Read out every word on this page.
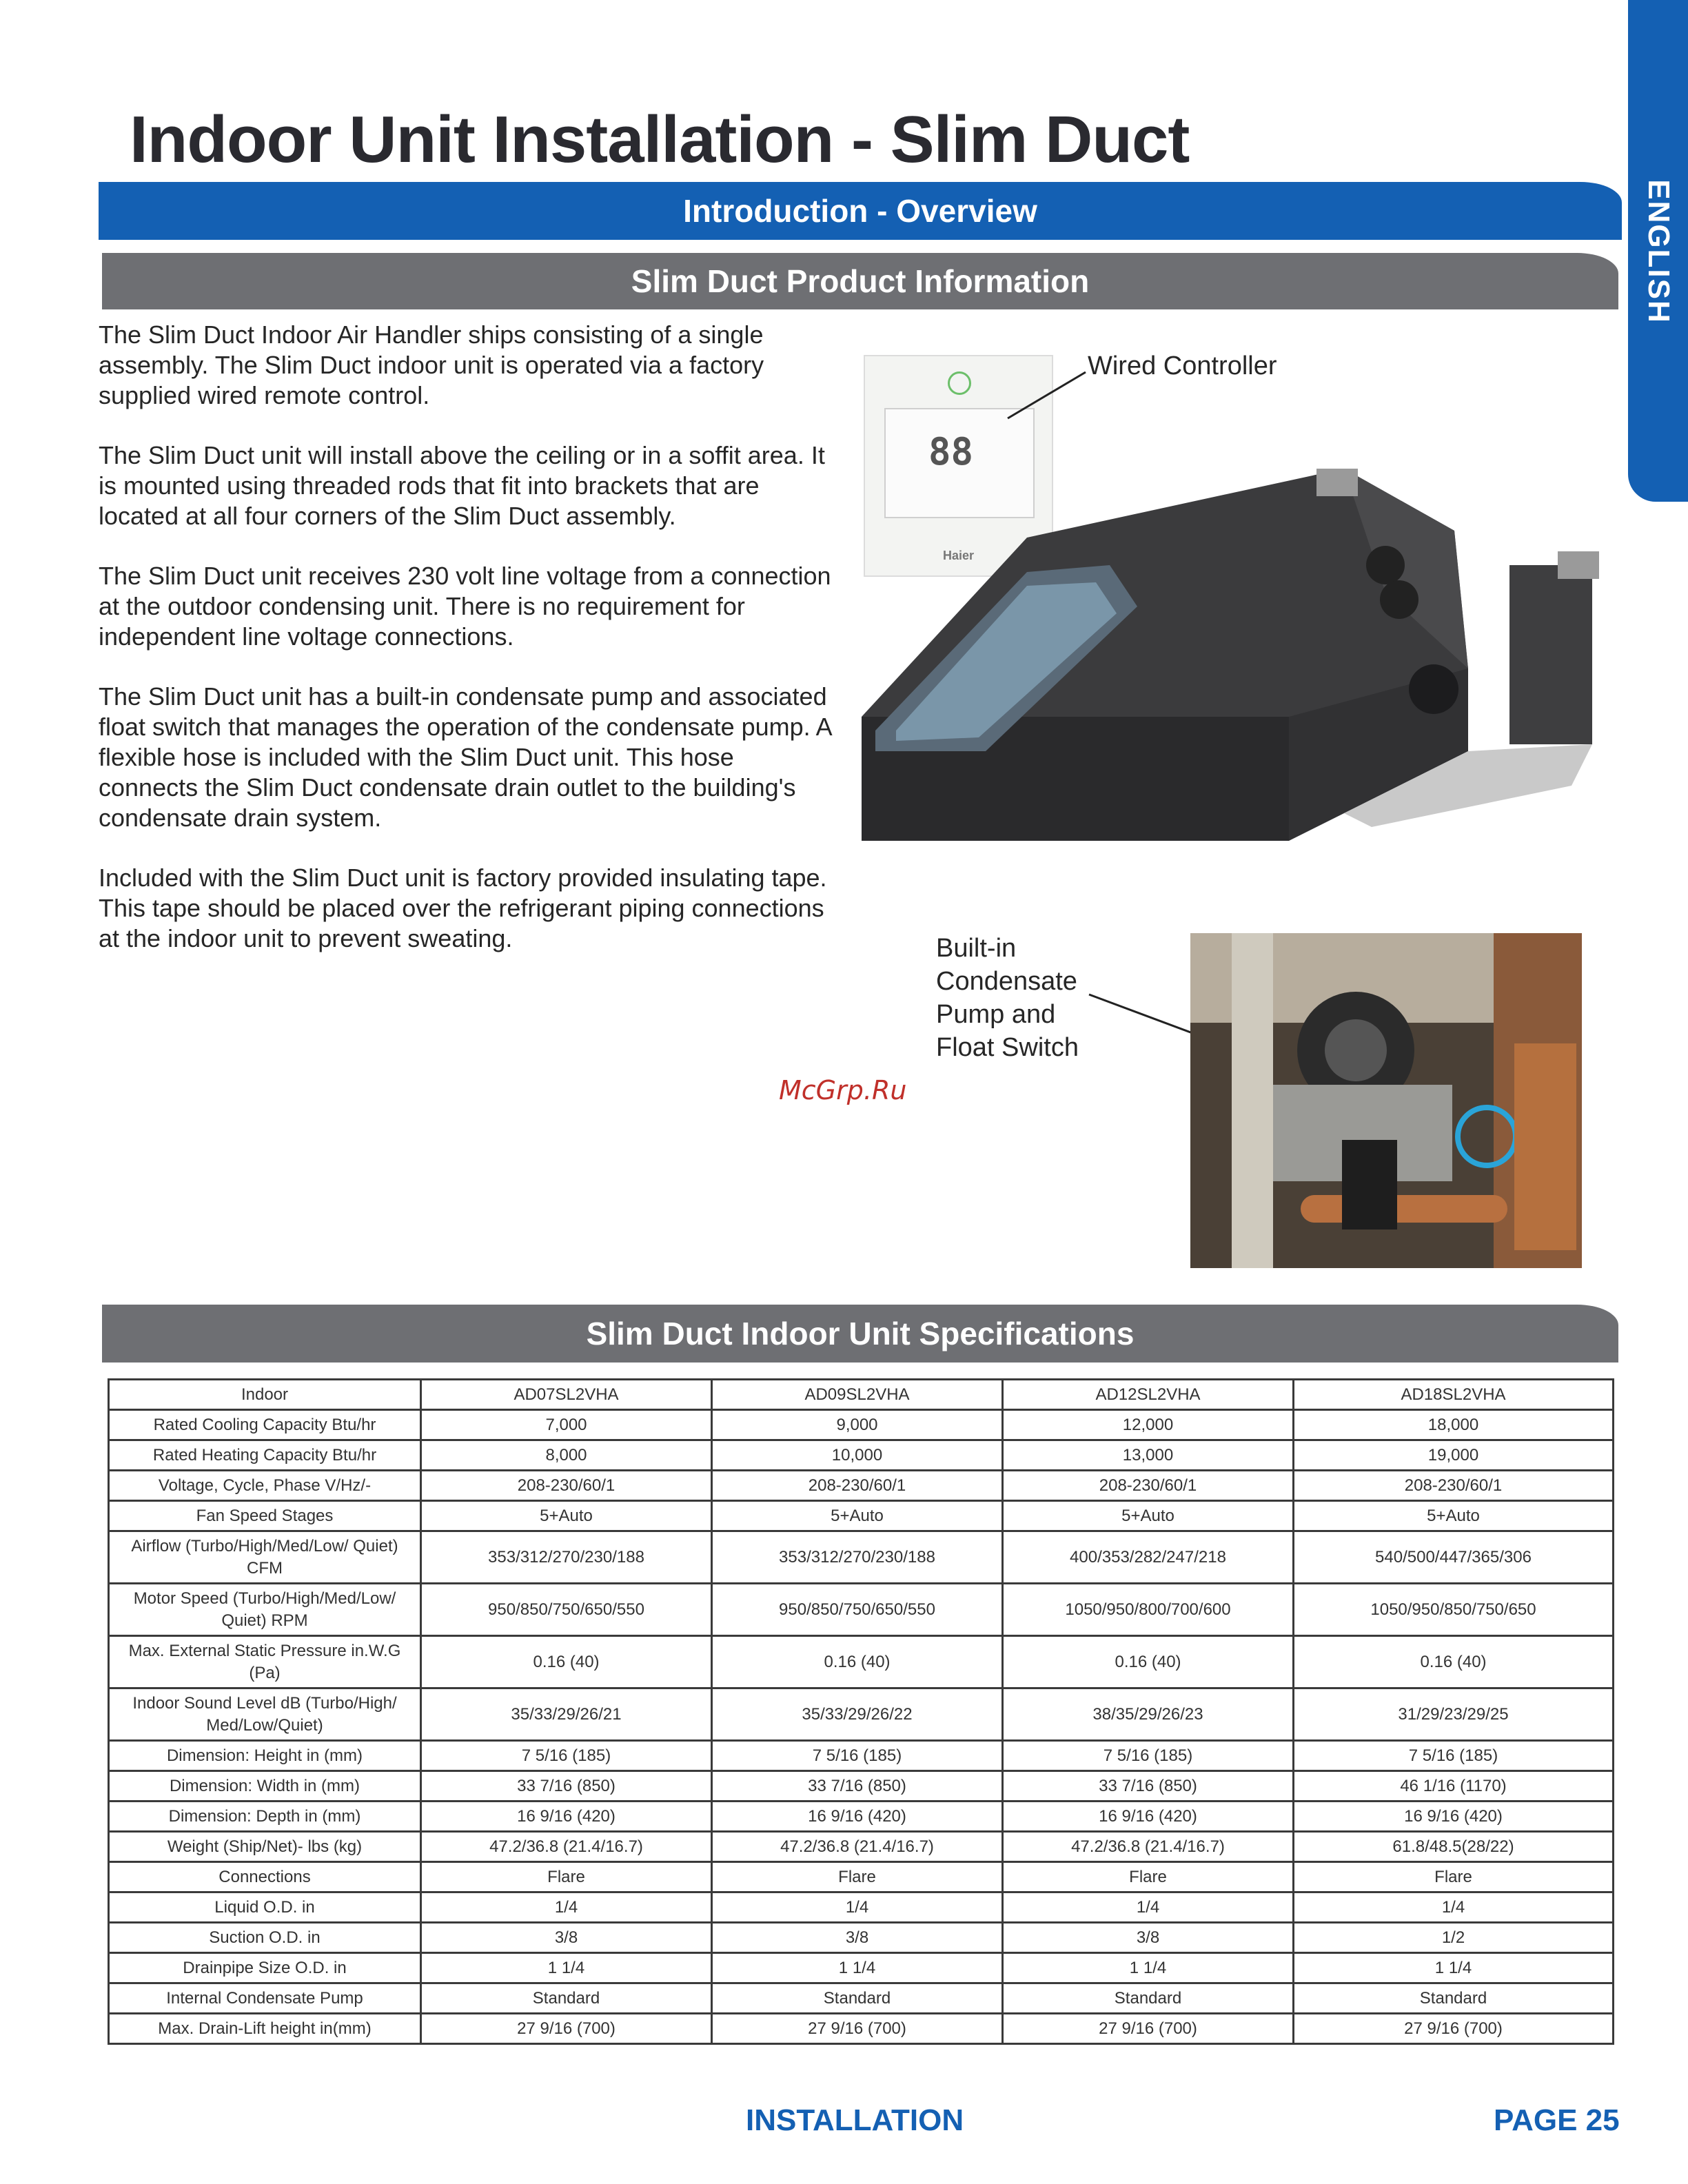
Indoor Unit Installation - Slim Duct
ENGLISH
Introduction - Overview
Slim Duct Product Information

The Slim Duct Indoor Air Handler ships consisting of a single assembly. The Slim Duct indoor unit is operated via a factory supplied wired remote control.

The Slim Duct unit will install above the ceiling or in a soffit area. It is mounted using threaded rods that fit into brackets that are located at all four corners of the Slim Duct assembly.

The Slim Duct unit receives 230 volt line voltage from a connection at the outdoor condensing unit. There is no requirement for independent line voltage connections.

The Slim Duct unit has a built-in condensate pump and associated float switch that manages the operation of the condensate pump. A flexible hose is included with the Slim Duct unit. This hose connects the Slim Duct condensate drain outlet to the building's condensate drain system.

Included with the Slim Duct unit is factory provided insulating tape. This tape should be placed over the refrigerant piping connections at the indoor unit to prevent sweating.

88
Haier
Wired Controller
Built-in Condensate Pump and Float Switch
McGrp.Ru
Slim Duct Indoor Unit Specifications
Indoor	AD07SL2VHA	AD09SL2VHA	AD12SL2VHA	AD18SL2VHA
Rated Cooling Capacity Btu/hr	7,000	9,000	12,000	18,000
Rated Heating Capacity Btu/hr	8,000	10,000	13,000	19,000
Voltage, Cycle, Phase V/Hz/-	208-230/60/1	208-230/60/1	208-230/60/1	208-230/60/1
Fan Speed Stages	5+Auto	5+Auto	5+Auto	5+Auto
Airflow (Turbo/High/Med/Low/ Quiet) CFM	353/312/270/230/188	353/312/270/230/188	400/353/282/247/218	540/500/447/365/306
Motor Speed (Turbo/High/Med/Low/ Quiet) RPM	950/850/750/650/550	950/850/750/650/550	1050/950/800/700/600	1050/950/850/750/650
Max. External Static Pressure in.W.G (Pa)	0.16 (40)	0.16 (40)	0.16 (40)	0.16 (40)
Indoor Sound Level dB (Turbo/High/ Med/Low/Quiet)	35/33/29/26/21	35/33/29/26/22	38/35/29/26/23	31/29/23/29/25
Dimension: Height in (mm)	7 5/16 (185)	7 5/16 (185)	7 5/16 (185)	7 5/16 (185)
Dimension: Width in (mm)	33 7/16 (850)	33 7/16 (850)	33 7/16 (850)	46 1/16 (1170)
Dimension: Depth in (mm)	16 9/16 (420)	16 9/16 (420)	16 9/16 (420)	16 9/16 (420)
Weight (Ship/Net)- lbs (kg)	47.2/36.8 (21.4/16.7)	47.2/36.8 (21.4/16.7)	47.2/36.8 (21.4/16.7)	61.8/48.5(28/22)
Connections	Flare	Flare	Flare	Flare
Liquid O.D. in	1/4	1/4	1/4	1/4
Suction O.D. in	3/8	3/8	3/8	1/2
Drainpipe Size O.D. in	1 1/4	1 1/4	1 1/4	1 1/4
Internal Condensate Pump	Standard	Standard	Standard	Standard
Max. Drain-Lift height in(mm)	27 9/16 (700)	27 9/16 (700)	27 9/16 (700)	27 9/16 (700)
INSTALLATION	PAGE 25
